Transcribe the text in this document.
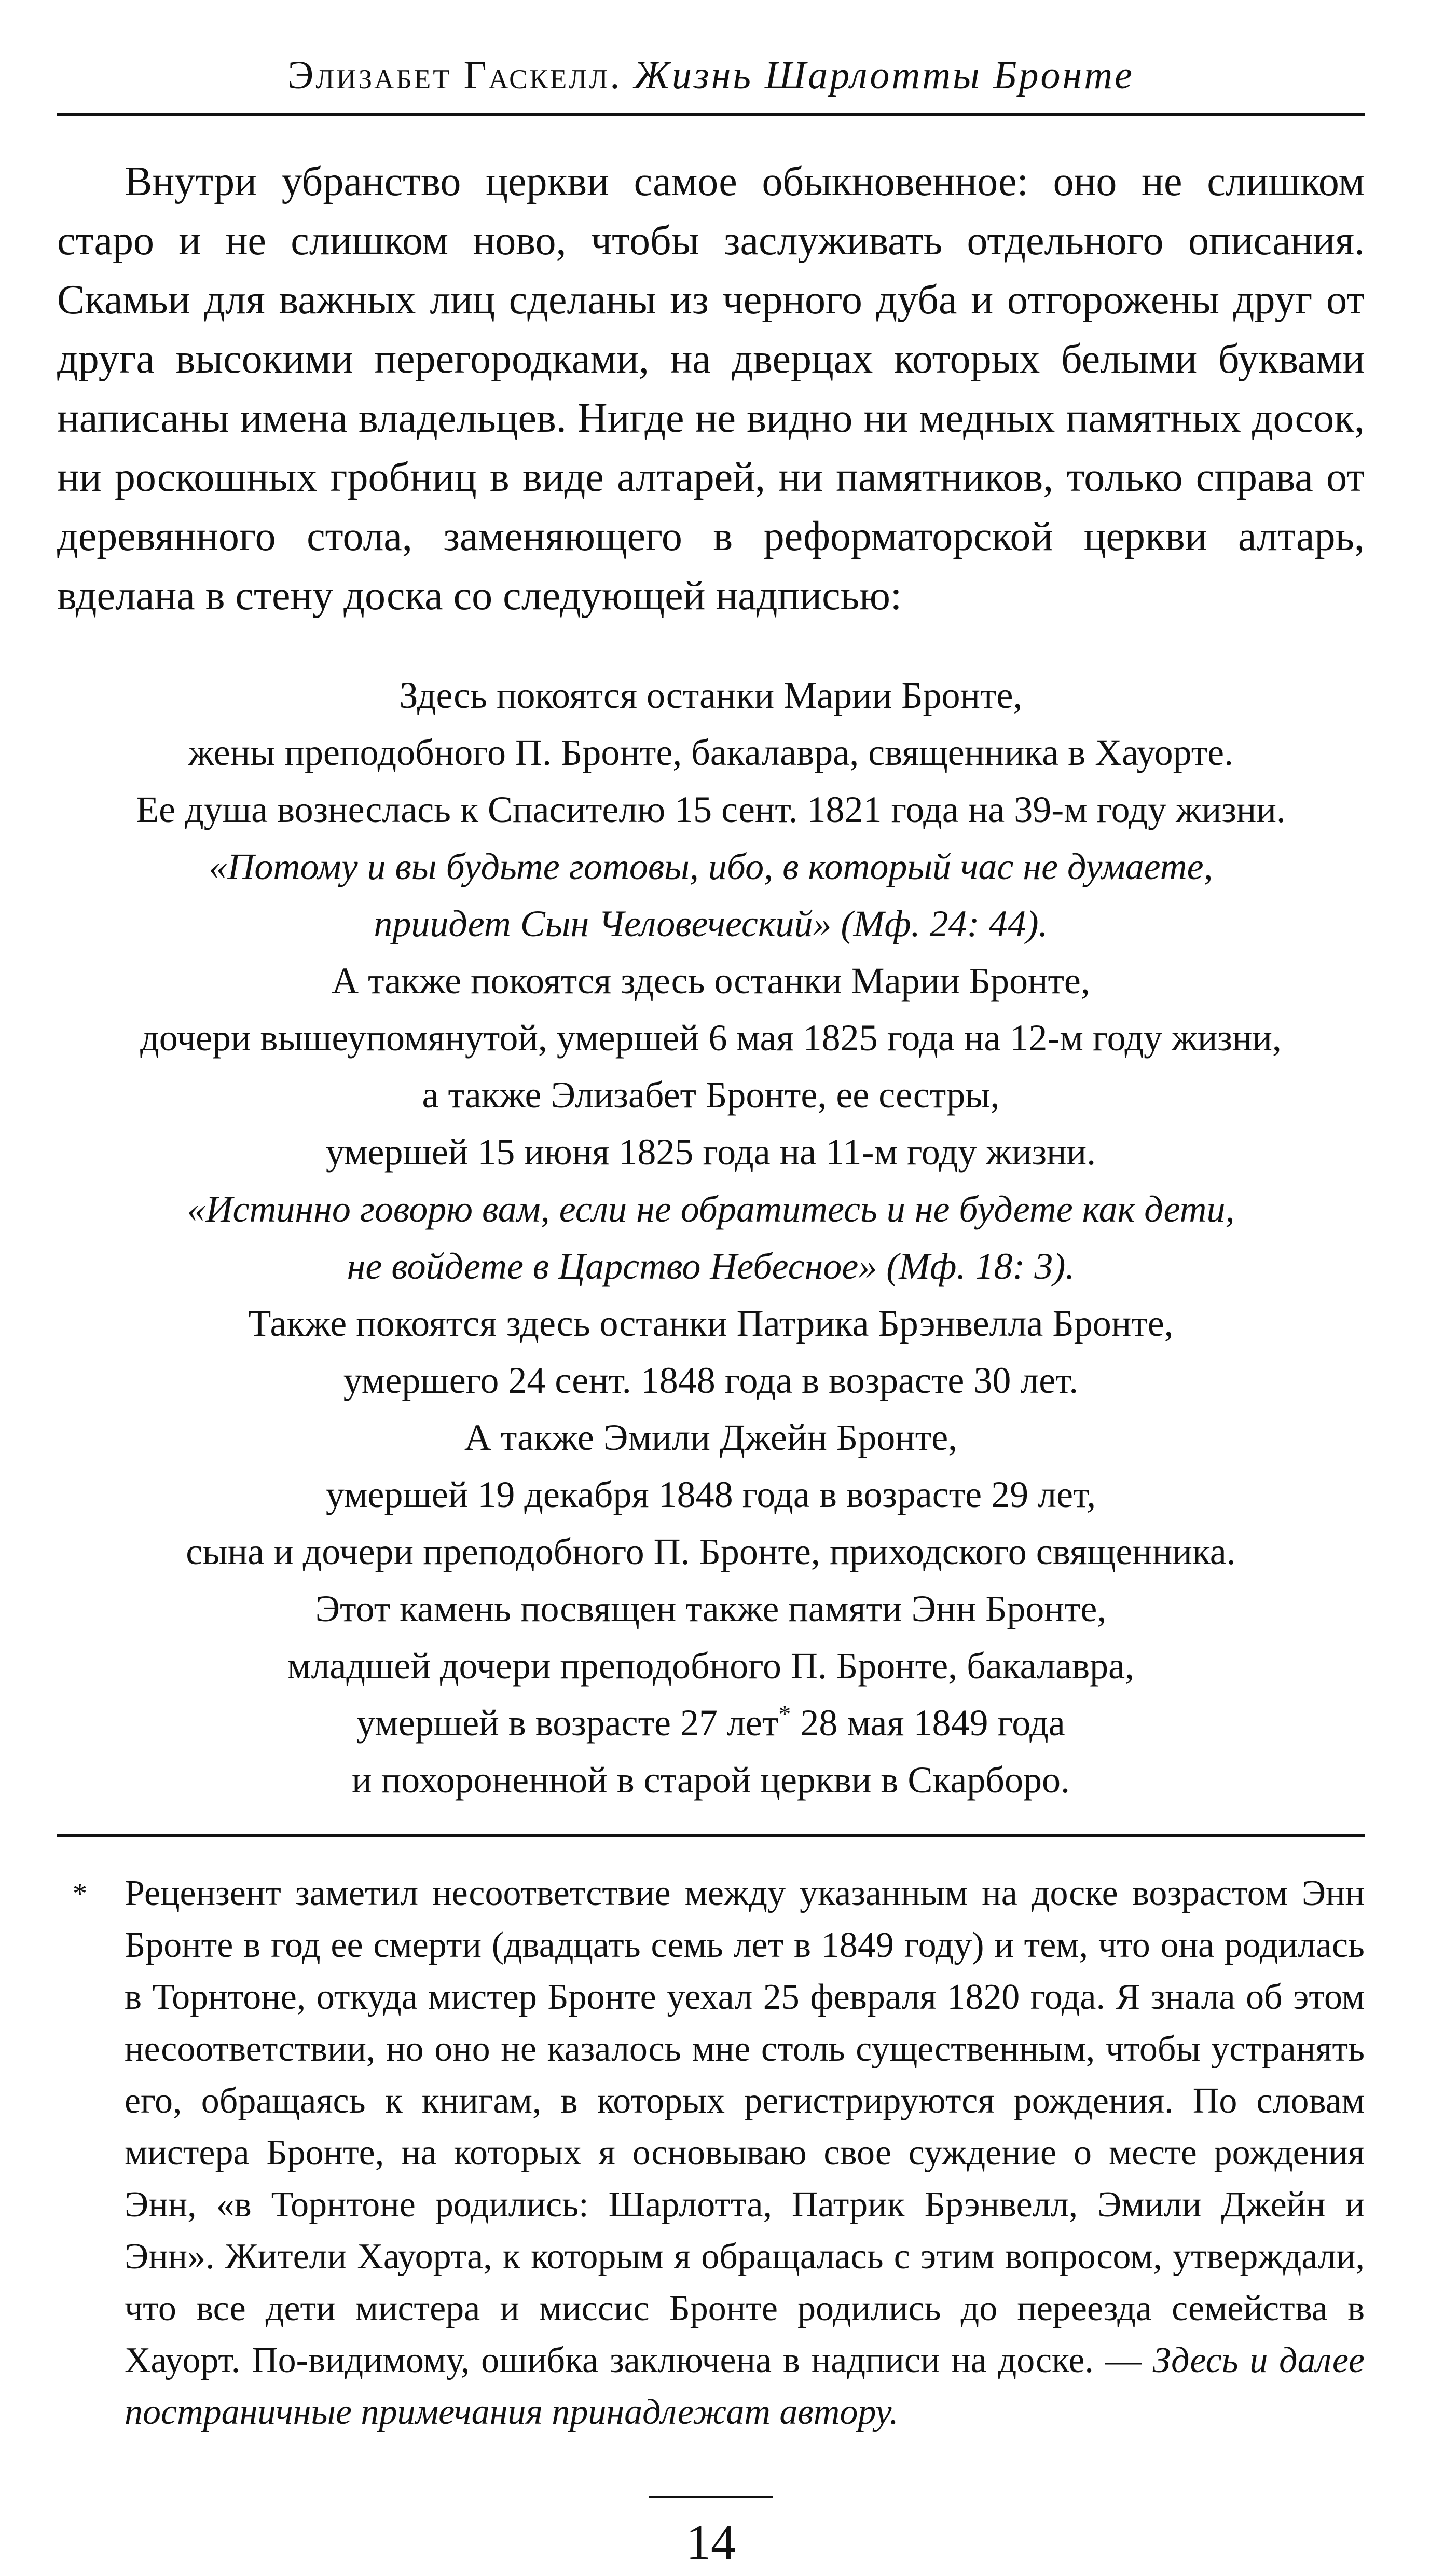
Элизабет Гаскелл. Жизнь Шарлотты Бронте

Внутри убранство церкви самое обыкновенное: оно не слишком старо и не слишком ново, чтобы заслуживать отдельного описания. Скамьи для важных лиц сделаны из черного дуба и отгорожены друг от друга высокими перегородками, на дверцах которых белыми буквами написаны имена владельцев. Нигде не видно ни медных памятных досок, ни роскошных гробниц в виде алтарей, ни памятников, только справа от деревянного стола, заменяющего в реформаторской церкви алтарь, вделана в стену доска со следующей надписью:

Здесь покоятся останки Марии Бронте,
жены преподобного П. Бронте, бакалавра, священника в Хауорте.
Ее душа вознеслась к Спасителю 15 сент. 1821 года на 39-м году жизни.
«Потому и вы будьте готовы, ибо, в который час не думаете,
приидет Сын Человеческий» (Мф. 24: 44).
А также покоятся здесь останки Марии Бронте,
дочери вышеупомянутой, умершей 6 мая 1825 года на 12-м году жизни,
а также Элизабет Бронте, ее сестры,
умершей 15 июня 1825 года на 11-м году жизни.
«Истинно говорю вам, если не обратитесь и не будете как дети,
не войдете в Царство Небесное» (Мф. 18: 3).
Также покоятся здесь останки Патрика Брэнвелла Бронте,
умершего 24 сент. 1848 года в возрасте 30 лет.
А также Эмили Джейн Бронте,
умершей 19 декабря 1848 года в возрасте 29 лет,
сына и дочери преподобного П. Бронте, приходского священника.
Этот камень посвящен также памяти Энн Бронте,
младшей дочери преподобного П. Бронте, бакалавра,
умершей в возрасте 27 лет* 28 мая 1849 года
и похороненной в старой церкви в Скарборо.
* Рецензент заметил несоответствие между указанным на доске возрастом Энн Бронте в год ее смерти (двадцать семь лет в 1849 году) и тем, что она родилась в Торнтоне, откуда мистер Бронте уехал 25 февраля 1820 года. Я знала об этом несоответствии, но оно не казалось мне столь существенным, чтобы устранять его, обращаясь к книгам, в которых регистрируются рождения. По словам мистера Бронте, на которых я основываю свое суждение о месте рождения Энн, «в Торнтоне родились: Шарлотта, Патрик Брэнвелл, Эмили Джейн и Энн». Жители Хауорта, к которым я обращалась с этим вопросом, утверждали, что все дети мистера и миссис Бронте родились до переезда семейства в Хауорт. По-видимому, ошибка заключена в надписи на доске. — Здесь и далее постраничные примечания принадлежат автору.
14
